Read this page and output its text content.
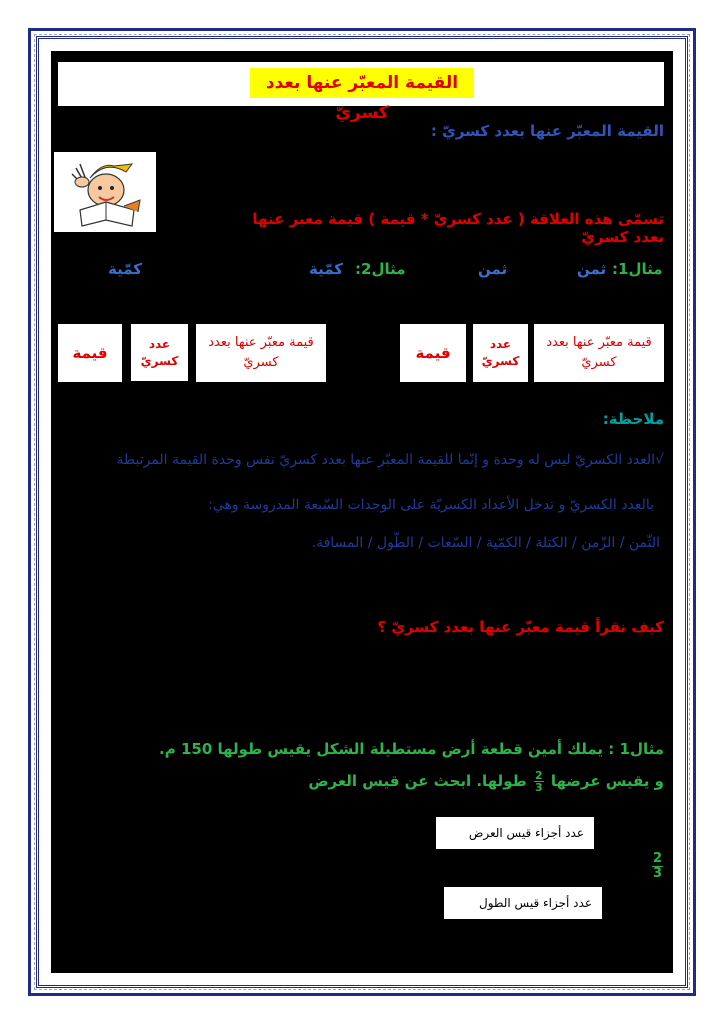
القيمة المعبّر عنها بعدد كسريّ
القيمة المعبّر عنها بعدد كسريّ :
تسمّى هذه العلاقة ( عدد كسريّ * قيمة ) قيمة معبر عنها بعدد كسريّ
مثال1:
ثمن
ثمن
مثال2:
كمّية
كمّية
قيمة معبّر عنها بعدد كسريّ
عدد كسريّ
قيمة
قيمة معبّر عنها بعدد كسريّ
عدد كسريّ
قيمة
ملاحظة:
√العدد الكسريّ ليس له وحدة و إنّما للقيمة المعبّر عنها بعدد كسريّ نفس وحدة القيمة المرتبطة
بالعدد الكسريّ و تدخل الأعداد الكسريّة على الوحدات السّبعة المدروسة وهي:
الثّمن / الزّمن / الكتلة / الكمّية / السّعات / الطّول / المسافة.
كيف نقرأ قيمة معبّر عنها بعدد كسريّ ؟
مثال1 : يملك أمين قطعة أرض مستطيلة الشكل يقيس طولها 150 م.
و يقيس عرضها
$\frac{2}{3}$
طولها. ابحث عن قيس العرض
عدد أجزاء قيس العرض
عدد أجزاء قيس الطول
$\frac{2}{3}$
